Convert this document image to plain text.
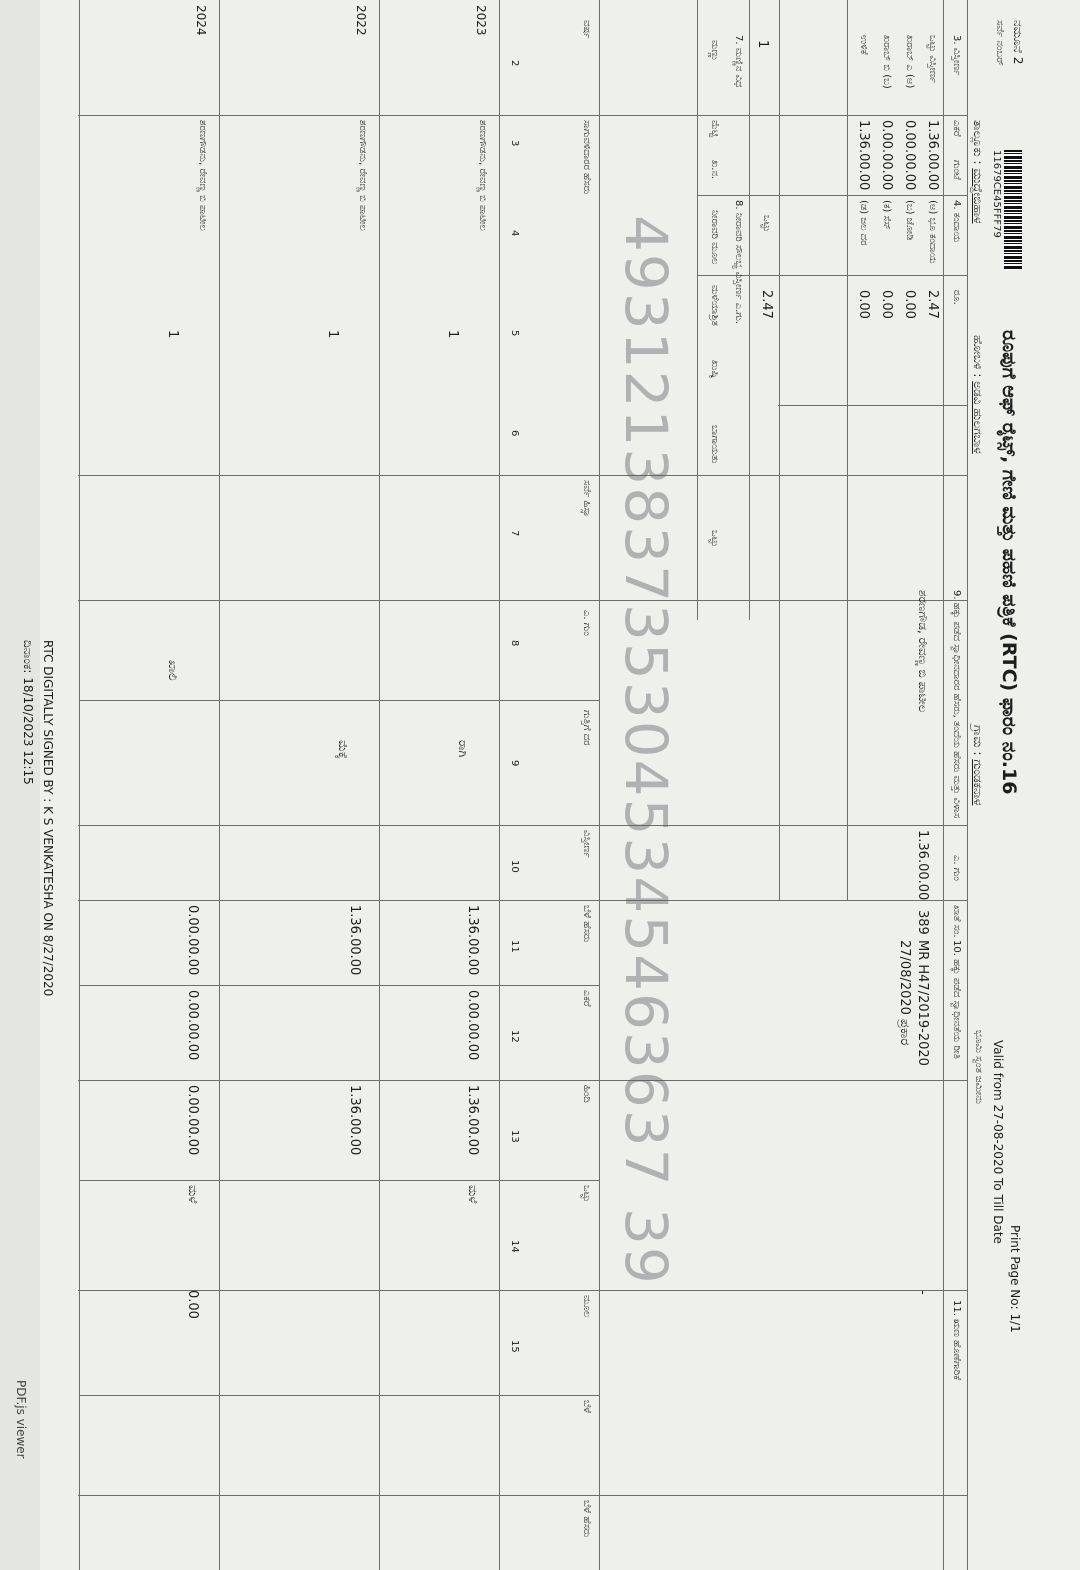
PDF.js viewer
11679CE45FFF79
ನಮೂನೆ 2
ಸರ್ವೆ ನಂಬರ್
ರೂಪುಗೆ ಆಫ್ ರೈಟ್ಸ್, ಗೇಣಿ ಮತ್ತು ಪಹಣಿ ಪತ್ರಿಕೆ (RTC) ಫಾರಂ ನಂ.16
Print Page No: 1/1
Valid from 27-08-2020 To Till Date
ತಾಲ್ಲೂಕು : ಮುದ್ದೇಬಿಹಾಳ
ಹೋಬಳಿ : ಅಡವಿ ಹುಲಗಬಾಳ
ಗ್ರಾಮ : ಗುಂಡಕನಾಳ
ಭೂಮಿ ಸ್ವಂತ ಜಮೀನು
3. ವಿಸ್ತೀರ್ಣ
ಎಕರೆ
ಗುಂಟೆ
4. ಕಂದಾಯ
ರೂ.
ಒಟ್ಟು ವಿಸ್ತೀರ್ಣ
1.36.00.00
(ಅ) ಭೂ ಕಂದಾಯ
2.47
ಖರಾಬ್ ಎ (ಅ)
0.00.00.00
(ಬ) ಜೋಡಿ
0.00
ಖರಾಬ್ ಬಿ (ಬ)
0.00.00.00
(ಕ) ಸೆಸ್
0.00
ಉಳಿಕೆ
1.36.00.00
(ಡ) ಜಲ ದರ
0.00
1
ಒಟ್ಟು
2.47
7. ಮಣ್ಣಿನ ವಿಧ
8. ನೀರಾವರಿ ಸೌಲಭ್ಯ ವಿಸ್ತೀರ್ಣ ಎ.ಗು.
ಮಣ್ಣು
ಮೆಟ್ಟಿ
ಖ.ನ.
ನೀರಾವರಿ ಮೂಲ
ಮಳೆಯಾಶ್ರಿತ
ಖುಷ್ಕಿ
ಬಾಗಾಯತು
ಒಟ್ಟು
9. ಹಕ್ಕು ಪಡೆದ ಸ್ವಾಧೀನದಾರರ ಹೆಸರು, ತಂದೆಯ ಹೆಸರು ಮತ್ತು ವಿಳಾಸ
ಎ. ಗುಂ
ಖಾತೆ ಸಂ.
10. ಹಕ್ಕು ಪಡೆದ ಸ್ವಾಧೀನತೆಯ ರೀತಿ
11. ಋಣ ಹೊಣೆಗಾರಿಕೆ
ಶರಣಗೌಡ, ರೇವಣ್ಣ ಬಿ ಪಾಟೀಲ
1.36.00.00
389
MR H47/2019-2020
27/08/2020 ಪ್ರಕಾರ
-
ವರ್ಷ
ಸಾಗುವಳಿದಾರರ ಹೆಸರು
ಸರ್ವೆ ಹಿಸ್ಸಾ
ಎ. ಗುಂ
ಗುತ್ತಿಗೆ ದರ
ವಿಸ್ತೀರ್ಣ
ಬೆಳೆ ಹೆಸರು
ಎಕರೆ
ಹಿಂದಿ
ಒಟ್ಟು
ಮೂಲ
ಬೆಳೆ
ಬೆಳೆ ಹೆಸರು
2
3
4
5
6
7
8
9
10
11
12
13
14
15
2023
ಶರಣಗೌಡನು, ರೇವಣ್ಣ ಬಿ ಪಾಟೀಲ
1
ರಾಗಿ
1.36.00.00
0.00.00.00
1.36.00.00
ಮಳೆ
2022
ಶರಣಗೌಡನು, ರೇವಣ್ಣ ಬಿ ಪಾಟೀಲ
1
ಮೆಕ್ಕೆ
1.36.00.00
1.36.00.00
2024
ಶರಣಗೌಡನು, ರೇವಣ್ಣ ಬಿ ಪಾಟೀಲ
1
ಖಾಲಿ
0.00.00.00
0.00.00.00
0.00.00.00
ಮಳೆ
0.00
4931213837353045345463637 39
RTC DIGITALLY SIGNED BY : K S VENKATESHA ON 8/27/2020
ದಿನಾಂಕ: 18/10/2023 12:15
